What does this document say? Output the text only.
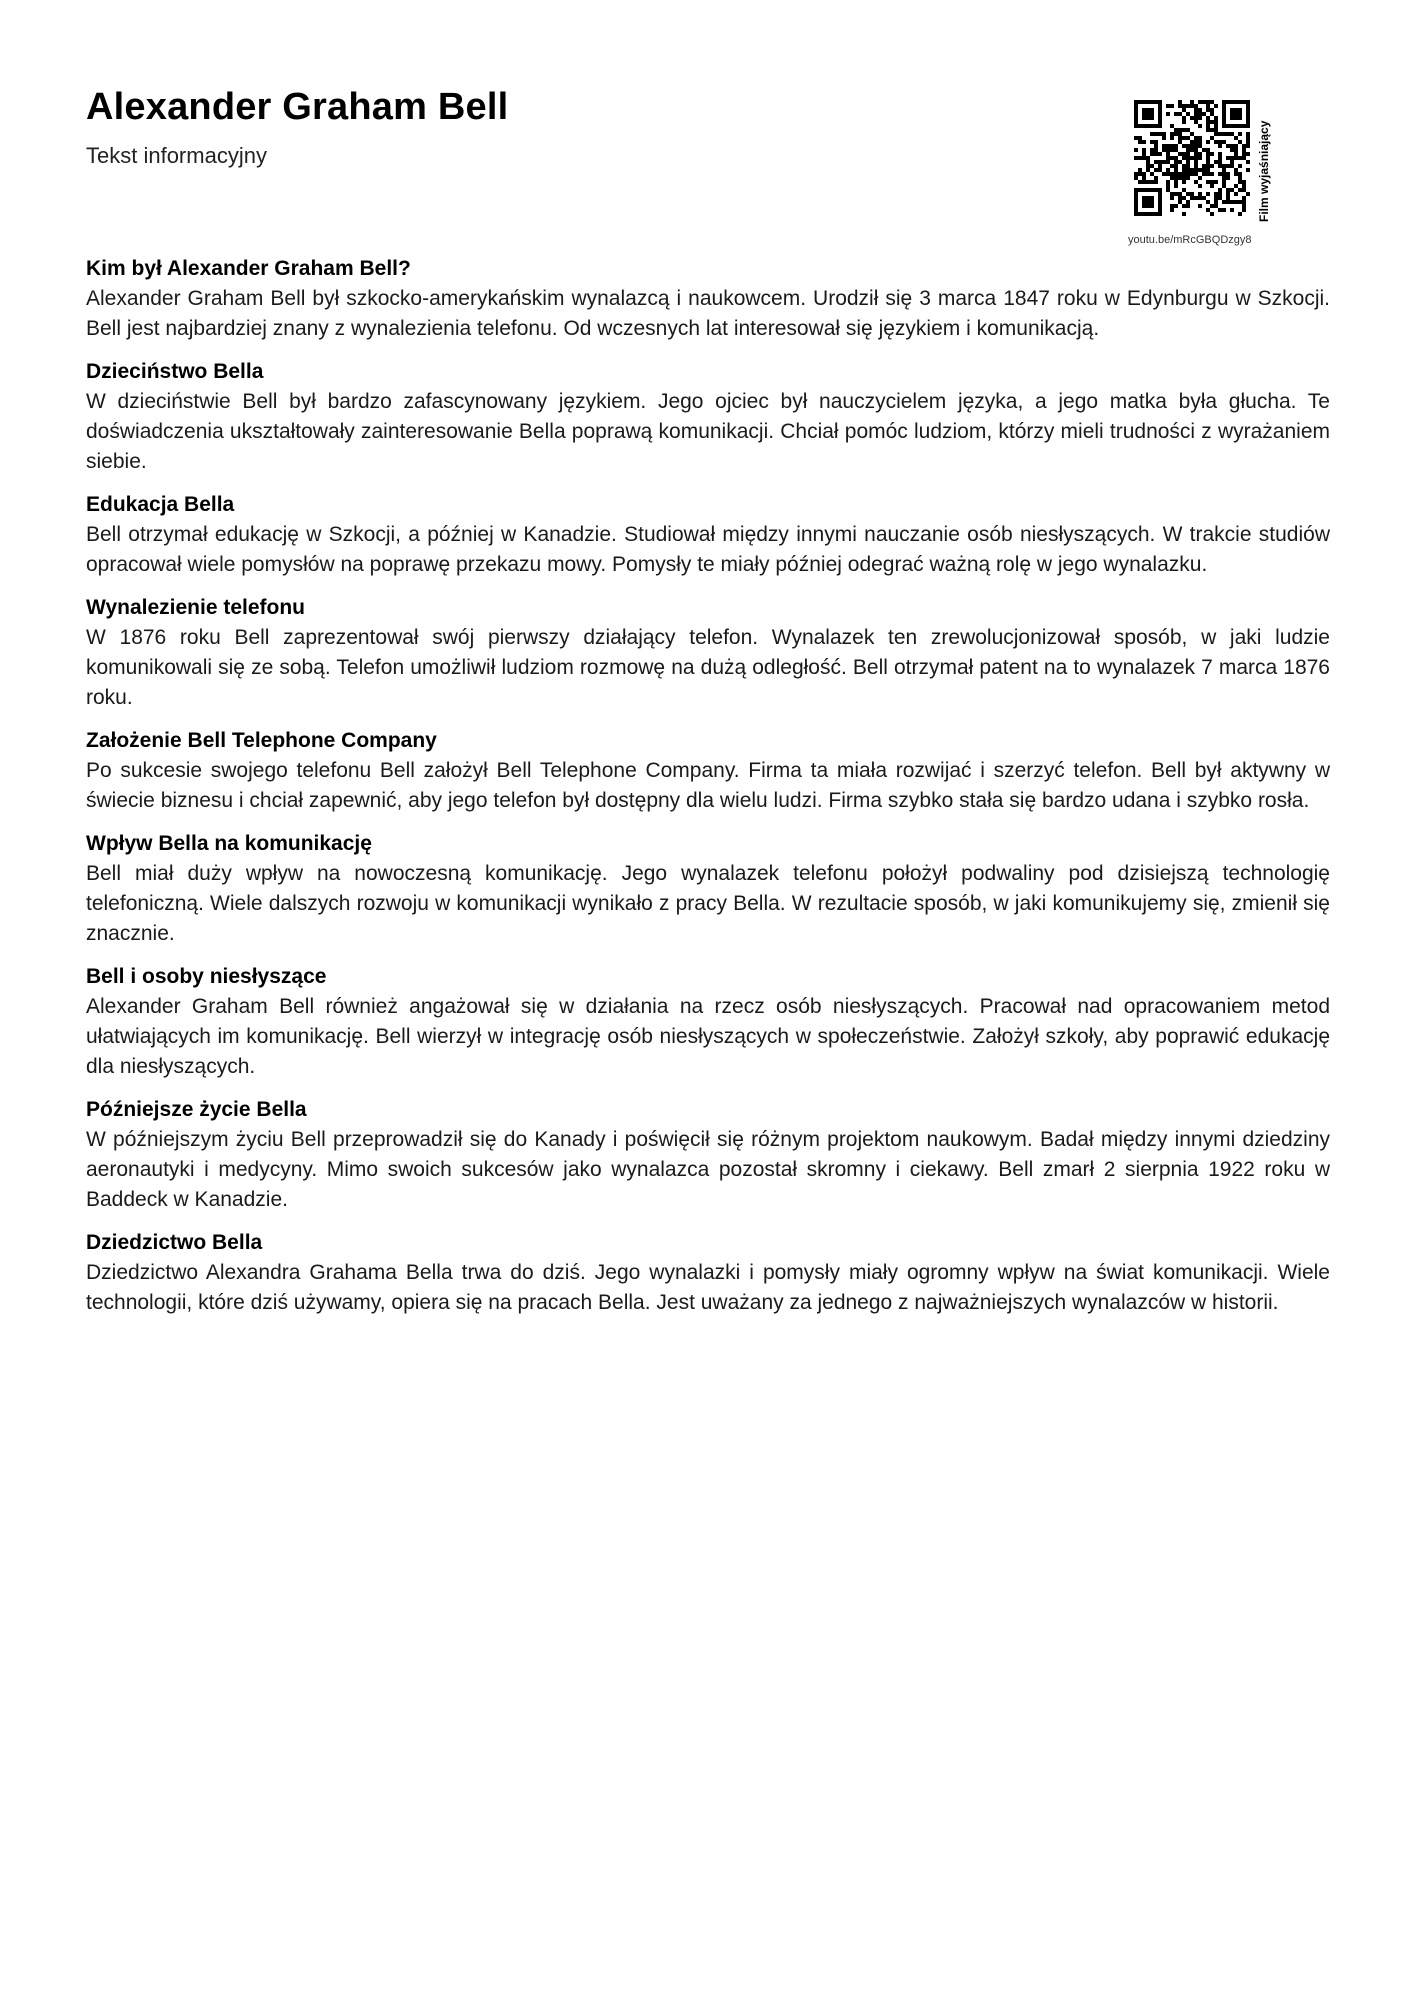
Alexander Graham Bell
Tekst informacyjny	Film wyjaśniający
youtu.be/mRcGBQDzgy8
Kim był Alexander Graham Bell?

Alexander Graham Bell był szkocko-amerykańskim wynalazcą i naukowcem. Urodził się 3 marca 1847 roku w Edynburgu w Szkocji. Bell jest najbardziej znany z wynalezienia telefonu. Od wczesnych lat interesował się językiem i komunikacją.

Dzieciństwo Bella

W dzieciństwie Bell był bardzo zafascynowany językiem. Jego ojciec był nauczycielem języka, a jego matka była głucha. Te doświadczenia ukształtowały zainteresowanie Bella poprawą komunikacji. Chciał pomóc ludziom, którzy mieli trudności z wyrażaniem siebie.

Edukacja Bella

Bell otrzymał edukację w Szkocji, a później w Kanadzie. Studiował między innymi nauczanie osób niesłyszących. W trakcie studiów opracował wiele pomysłów na poprawę przekazu mowy. Pomysły te miały później odegrać ważną rolę w jego wynalazku.

Wynalezienie telefonu

W 1876 roku Bell zaprezentował swój pierwszy działający telefon. Wynalazek ten zrewolucjonizował sposób, w jaki ludzie komunikowali się ze sobą. Telefon umożliwił ludziom rozmowę na dużą odległość. Bell otrzymał patent na to wynalazek 7 marca 1876 roku.

Założenie Bell Telephone Company

Po sukcesie swojego telefonu Bell założył Bell Telephone Company. Firma ta miała rozwijać i szerzyć telefon. Bell był aktywny w świecie biznesu i chciał zapewnić, aby jego telefon był dostępny dla wielu ludzi. Firma szybko stała się bardzo udana i szybko rosła.

Wpływ Bella na komunikację

Bell miał duży wpływ na nowoczesną komunikację. Jego wynalazek telefonu położył podwaliny pod dzisiejszą technologię telefoniczną. Wiele dalszych rozwoju w komunikacji wynikało z pracy Bella. W rezultacie sposób, w jaki komunikujemy się, zmienił się znacznie.

Bell i osoby niesłyszące

Alexander Graham Bell również angażował się w działania na rzecz osób niesłyszących. Pracował nad opracowaniem metod ułatwiających im komunikację. Bell wierzył w integrację osób niesłyszących w społeczeństwie. Założył szkoły, aby poprawić edukację dla niesłyszących.

Późniejsze życie Bella

W późniejszym życiu Bell przeprowadził się do Kanady i poświęcił się różnym projektom naukowym. Badał między innymi dziedziny aeronautyki i medycyny. Mimo swoich sukcesów jako wynalazca pozostał skromny i ciekawy. Bell zmarł 2 sierpnia 1922 roku w Baddeck w Kanadzie.

Dziedzictwo Bella

Dziedzictwo Alexandra Grahama Bella trwa do dziś. Jego wynalazki i pomysły miały ogromny wpływ na świat komunikacji. Wiele technologii, które dziś używamy, opiera się na pracach Bella. Jest uważany za jednego z najważniejszych wynalazców w historii.
